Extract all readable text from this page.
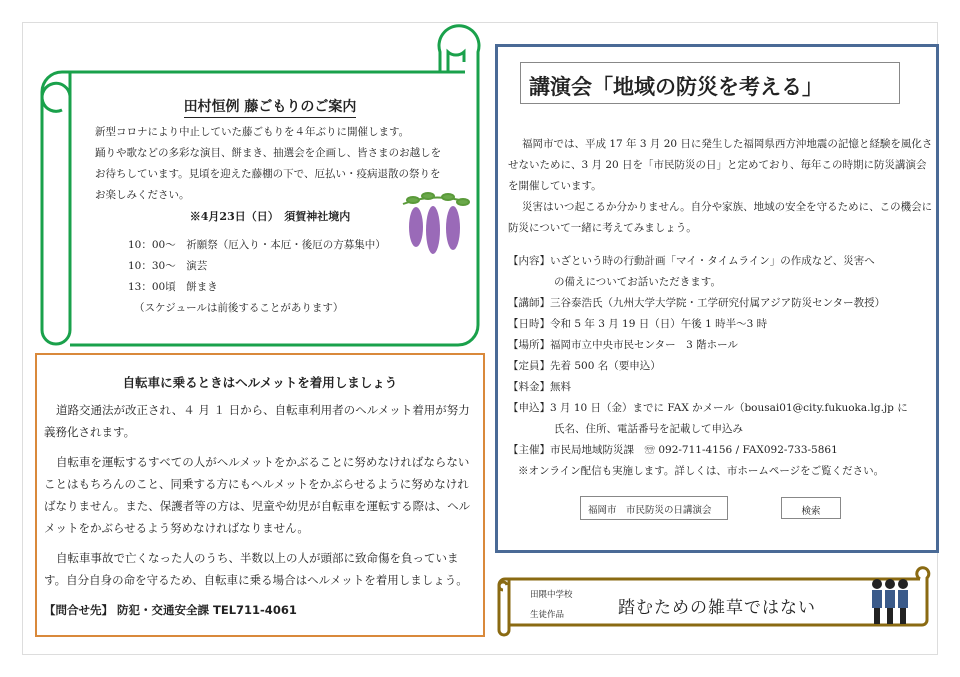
田村恒例 藤ごもりのご案内
新型コロナにより中止していた藤ごもりを４年ぶりに開催します。
踊りや歌などの多彩な演目、餅まき、抽選会を企画し、皆さまのお越しを
お待ちしています。見頃を迎えた藤棚の下で、厄払い・疫病退散の祭りを
お楽しみください。
※4月23日（日）　須賀神社境内
10：00～　祈願祭（厄入り・本厄・後厄の方募集中）
10：30～　演芸
13：00頃　餅まき
（スケジュールは前後することがあります）
自転車に乗るときはヘルメットを着用しましょう

道路交通法が改正され、４ 月 １ 日から、自転車利用者のヘルメット着用が努力義務化されます。

自転車を運転するすべての人がヘルメットをかぶることに努めなければならないことはもちろんのこと、同乗する方にもヘルメットをかぶらせるように努めなければなりません。また、保護者等の方は、児童や幼児が自転車を運転する際は、ヘルメットをかぶらせるよう努めなければなりません。

自転車事故で亡くなった人のうち、半数以上の人が頭部に致命傷を負っています。自分自身の命を守るため、自転車に乗る場合はヘルメットを着用しましょう。

【問合せ先】 防犯・交通安全課 TEL711-4061

講演会「地域の防災を考える」
福岡市では、平成 17 年 3 月 20 日に発生した福岡県西方沖地震の記憶と経験を風化させないために、3 月 20 日を「市民防災の日」と定めており、毎年この時期に防災講演会を開催しています。
災害はいつ起こるか分かりません。自分や家族、地域の安全を守るために、この機会に防災について一緒に考えてみましょう。
【内容】 いざという時の行動計画「マイ・タイムライン」の作成など、災害へ
の備えについてお話いただきます。
【講師】 三谷泰浩氏（九州大学大学院・工学研究付属アジア防災センター教授）
【日時】 令和 5 年 3 月 19 日（日）午後 1 時半～3 時
【場所】 福岡市立中央市民センター　3 階ホール
【定員】 先着 500 名（要申込）
【料金】 無料
【申込】 3 月 10 日（金）までに FAX かメール（bousai01@city.fukuoka.lg.jp に
氏名、住所、電話番号を記載して申込み
【主催】 市民局地域防災課　☏ 092-711-4156 / FAX092-733-5861
※オンライン配信も実施します。詳しくは、市ホームページをご覧ください。
福岡市　市民防災の日講演会	検索
田隈中学校
生徒作品	踏むための雑草ではない
